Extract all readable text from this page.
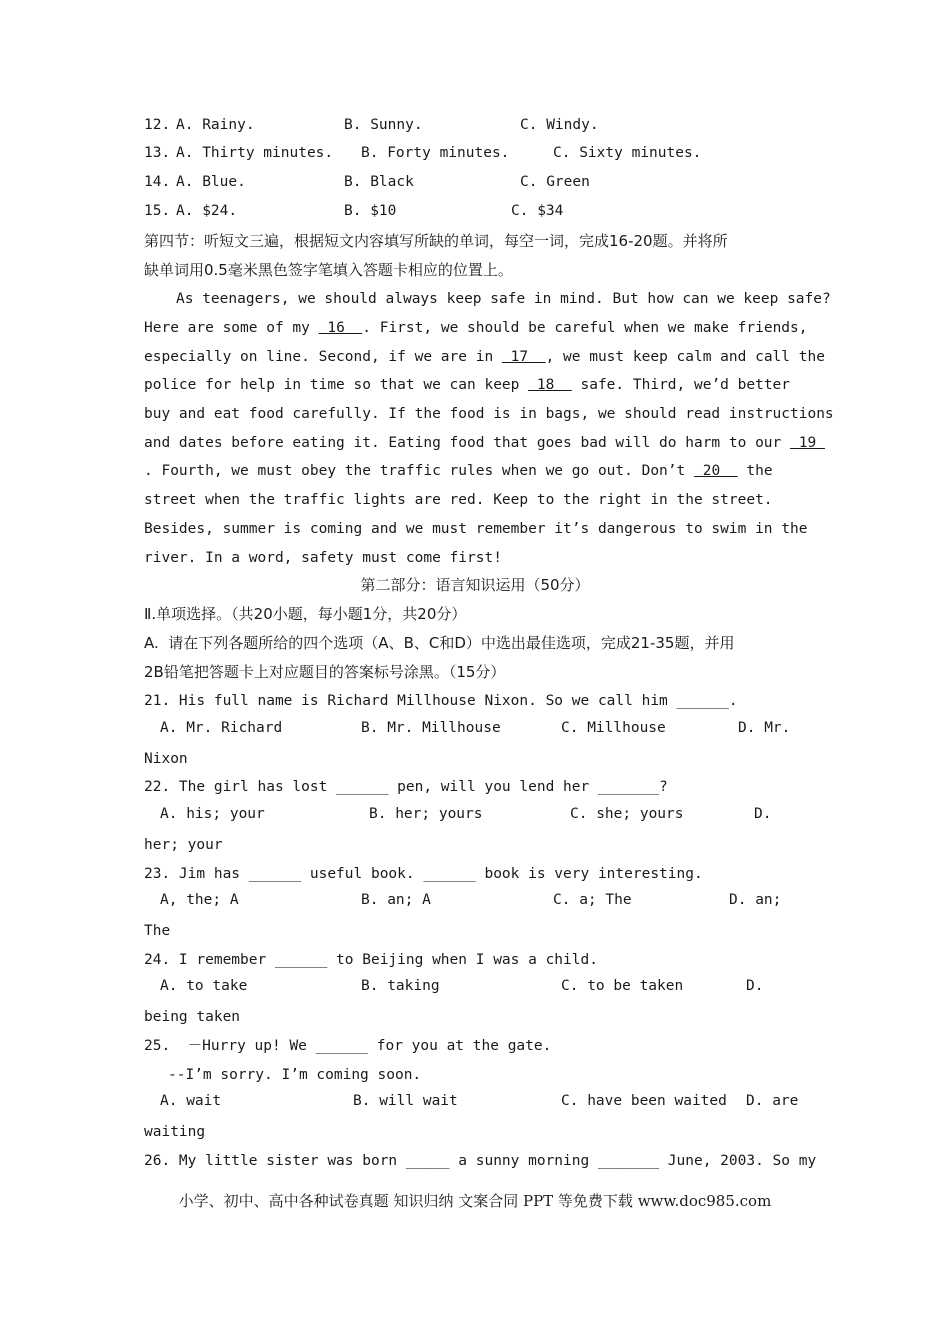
12. A. Rainy.	B. Sunny.	C. Windy.
13. A. Thirty minutes. B. Forty minutes.	C. Sixty minutes.
14. A. Blue.	B. Black	C. Green
15. A. $24.	B. $10	C. $34
第四节：听短文三遍，根据短文内容填写所缺的单词，每空一词，完成16-20题。并将所
缺单词用0.5毫米黑色签字笔填入答题卡相应的位置上。
As teenagers, we should always keep safe in mind. But how can we keep safe?
Here are some of my  16  . First, we should be careful when we make friends,
especially on line. Second, if we are in  17  , we must keep calm and call the
police for help in time so that we can keep  18   safe. Third, we’d better
buy and eat food carefully. If the food is in bags, we should read instructions
and dates before eating it. Eating food that goes bad will do harm to our  19
. Fourth, we must obey the traffic rules when we go out. Don’t  20   the
street when the traffic lights are red. Keep to the right in the street.
Besides, summer is coming and we must remember it’s dangerous to swim in the
river. In a word, safety must come first!
第二部分：语言知识运用（50分）
Ⅱ.单项选择。（共20小题，每小题1分，共20分）
A.  请在下列各题所给的四个选项（A、B、C和D）中选出最佳选项，完成21-35题，并用
2B铅笔把答题卡上对应题目的答案标号涂黑。（15分）
21. His full name is Richard Millhouse Nixon. So we call him ______.
A. Mr. Richard	B. Mr. Millhouse	C. Millhouse	D. Mr.
Nixon
22. The girl has lost ______ pen, will you lend her _______?
A. his; your	B. her; yours	C. she; yours	D.
her; your
23. Jim has ______ useful book. ______ book is very interesting.
A, the; A	B. an; A	C. a; The	D. an;
The
24. I remember ______ to Beijing when I was a child.
A. to take	B. taking	C. to be taken	D.
being taken
25.  －Hurry up! We ______ for you at the gate.
--I’m sorry. I’m coming soon.
A. wait	B. will wait	C. have been waited D. are
waiting
26. My little sister was born _____ a sunny morning _______ June, 2003. So my
小学、初中、高中各种试卷真题 知识归纳 文案合同 PPT 等免费下载 www.doc985.com
